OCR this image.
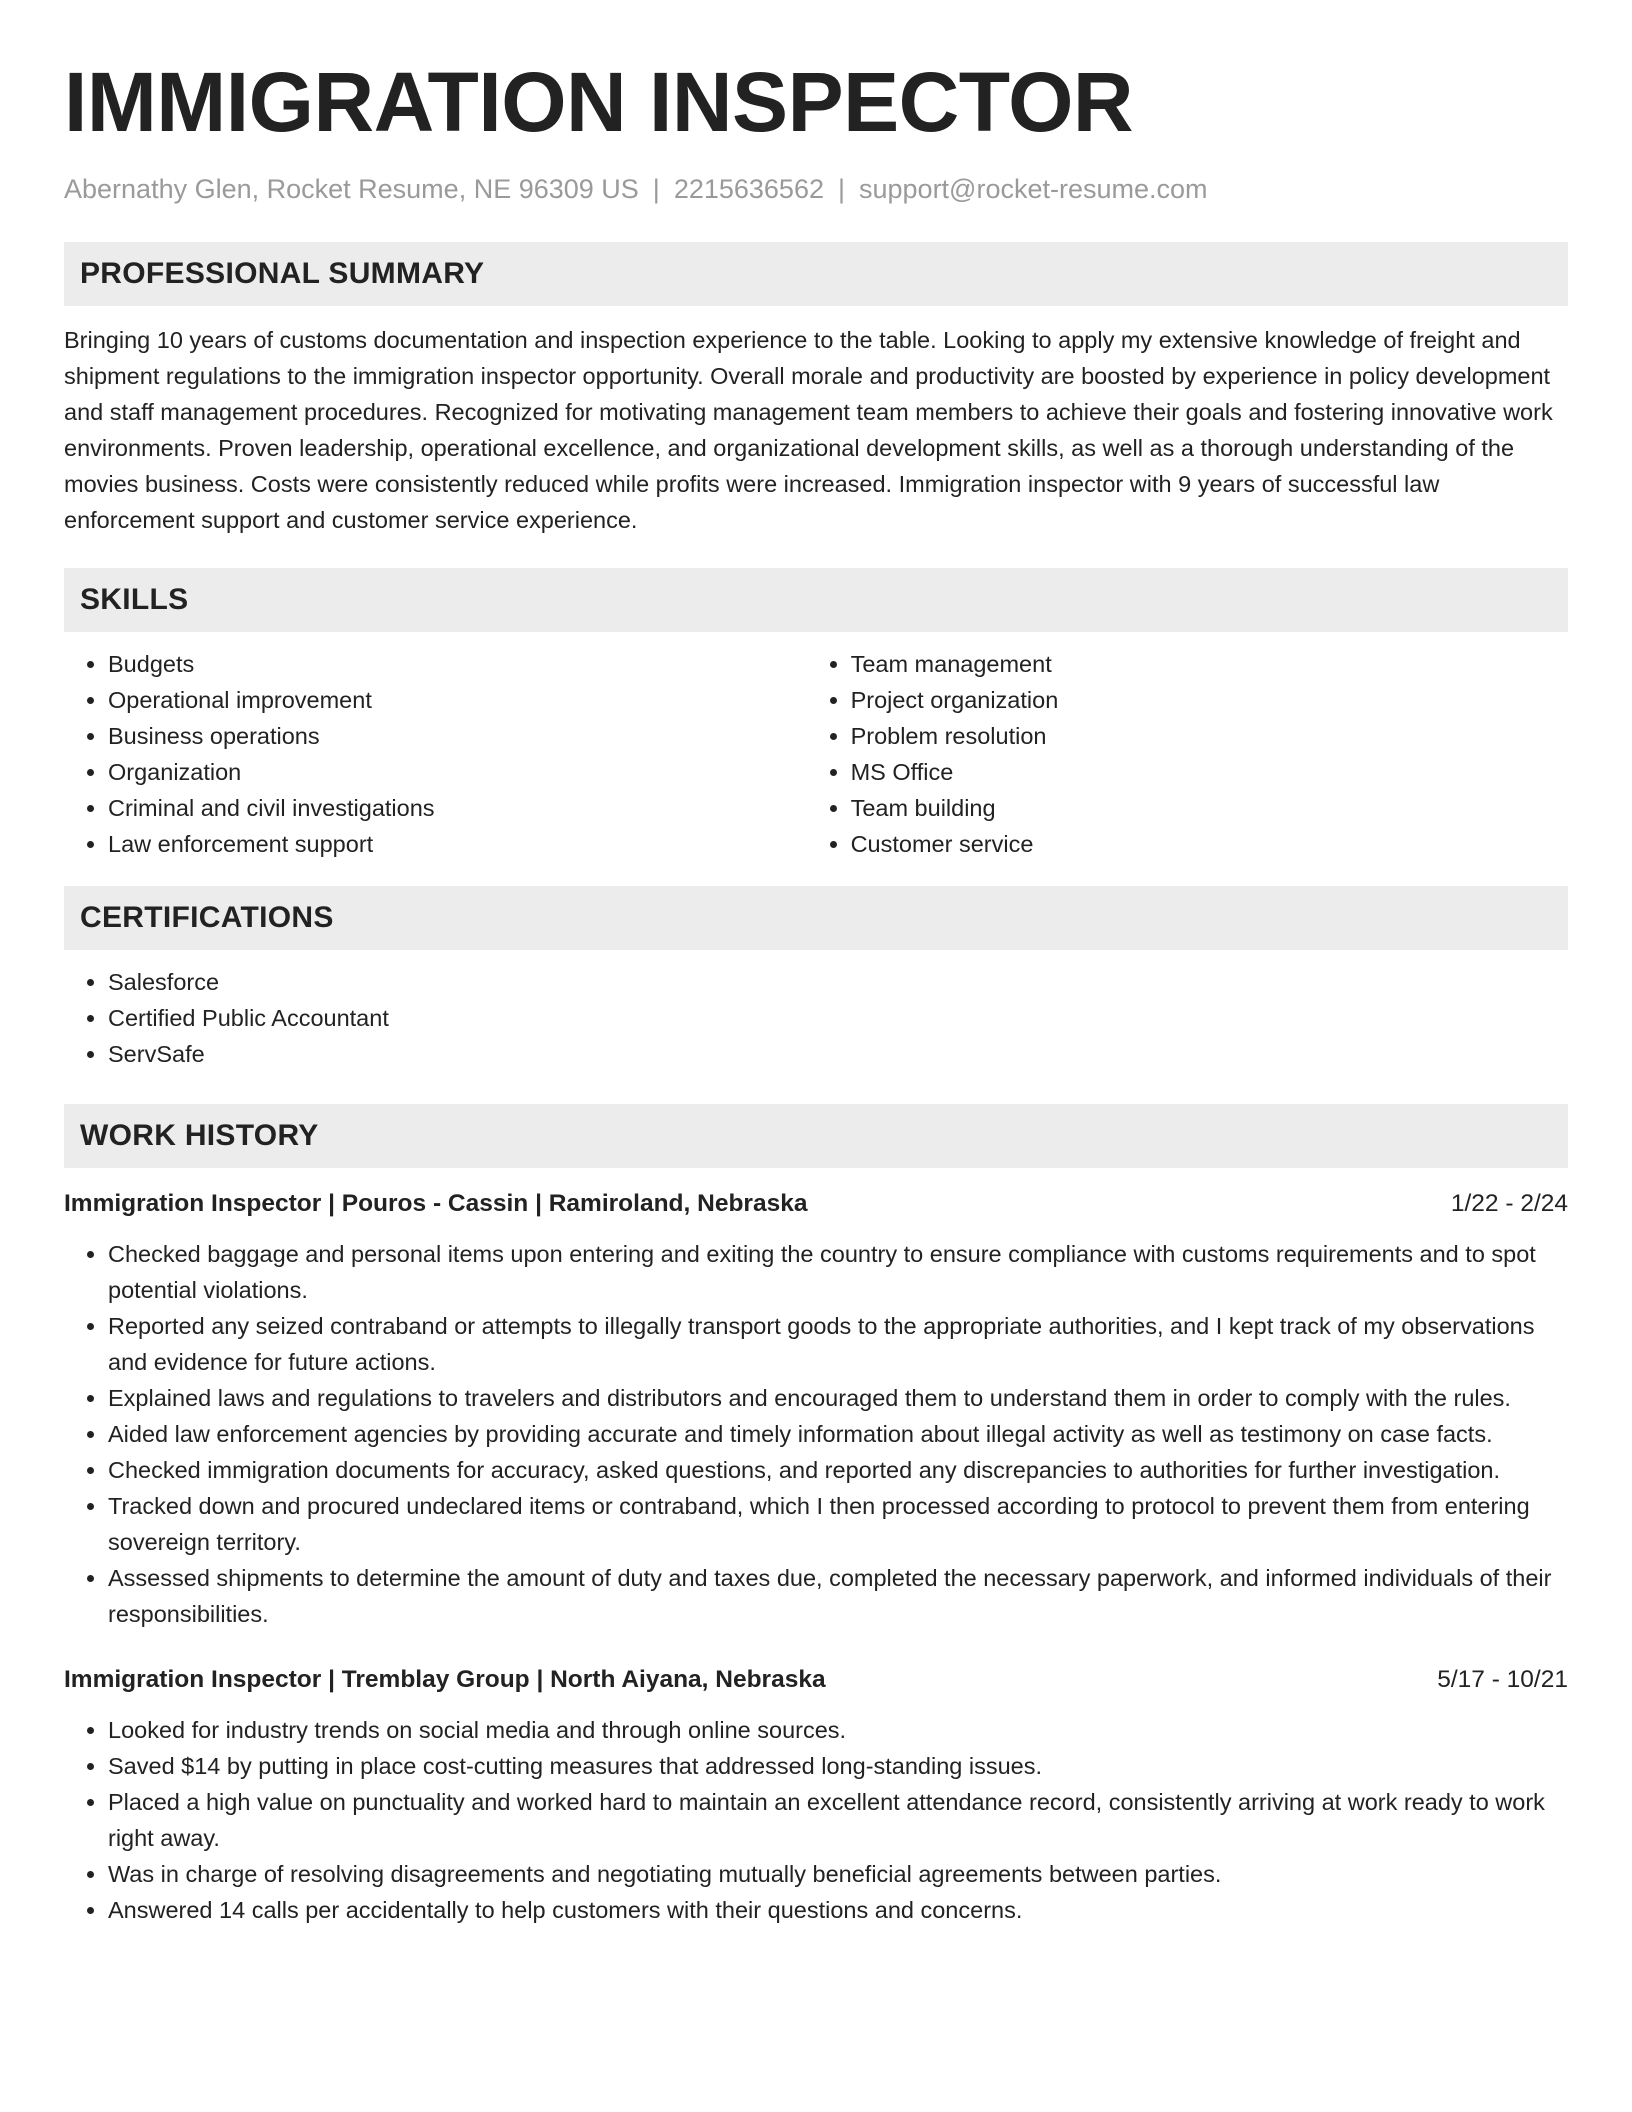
IMMIGRATION INSPECTOR
Abernathy Glen, Rocket Resume, NE 96309 US | 2215636562 | support@rocket-resume.com
PROFESSIONAL SUMMARY
Bringing 10 years of customs documentation and inspection experience to the table. Looking to apply my extensive knowledge of freight and shipment regulations to the immigration inspector opportunity. Overall morale and productivity are boosted by experience in policy development and staff management procedures. Recognized for motivating management team members to achieve their goals and fostering innovative work environments. Proven leadership, operational excellence, and organizational development skills, as well as a thorough understanding of the movies business. Costs were consistently reduced while profits were increased. Immigration inspector with 9 years of successful law enforcement support and customer service experience.
SKILLS
• Budgets
• Operational improvement
• Business operations
• Organization
• Criminal and civil investigations
• Law enforcement support
• Team management
• Project organization
• Problem resolution
• MS Office
• Team building
• Customer service
CERTIFICATIONS
• Salesforce
• Certified Public Accountant
• ServSafe
WORK HISTORY
Immigration Inspector | Pouros - Cassin | Ramiroland, Nebraska	1/22 - 2/24
• Checked baggage and personal items upon entering and exiting the country to ensure compliance with customs requirements and to spot potential violations.
• Reported any seized contraband or attempts to illegally transport goods to the appropriate authorities, and I kept track of my observations and evidence for future actions.
• Explained laws and regulations to travelers and distributors and encouraged them to understand them in order to comply with the rules.
• Aided law enforcement agencies by providing accurate and timely information about illegal activity as well as testimony on case facts.
• Checked immigration documents for accuracy, asked questions, and reported any discrepancies to authorities for further investigation.
• Tracked down and procured undeclared items or contraband, which I then processed according to protocol to prevent them from entering sovereign territory.
• Assessed shipments to determine the amount of duty and taxes due, completed the necessary paperwork, and informed individuals of their responsibilities.
Immigration Inspector | Tremblay Group | North Aiyana, Nebraska	5/17 - 10/21
• Looked for industry trends on social media and through online sources.
• Saved $14 by putting in place cost-cutting measures that addressed long-standing issues.
• Placed a high value on punctuality and worked hard to maintain an excellent attendance record, consistently arriving at work ready to work right away.
• Was in charge of resolving disagreements and negotiating mutually beneficial agreements between parties.
• Answered 14 calls per accidentally to help customers with their questions and concerns.
